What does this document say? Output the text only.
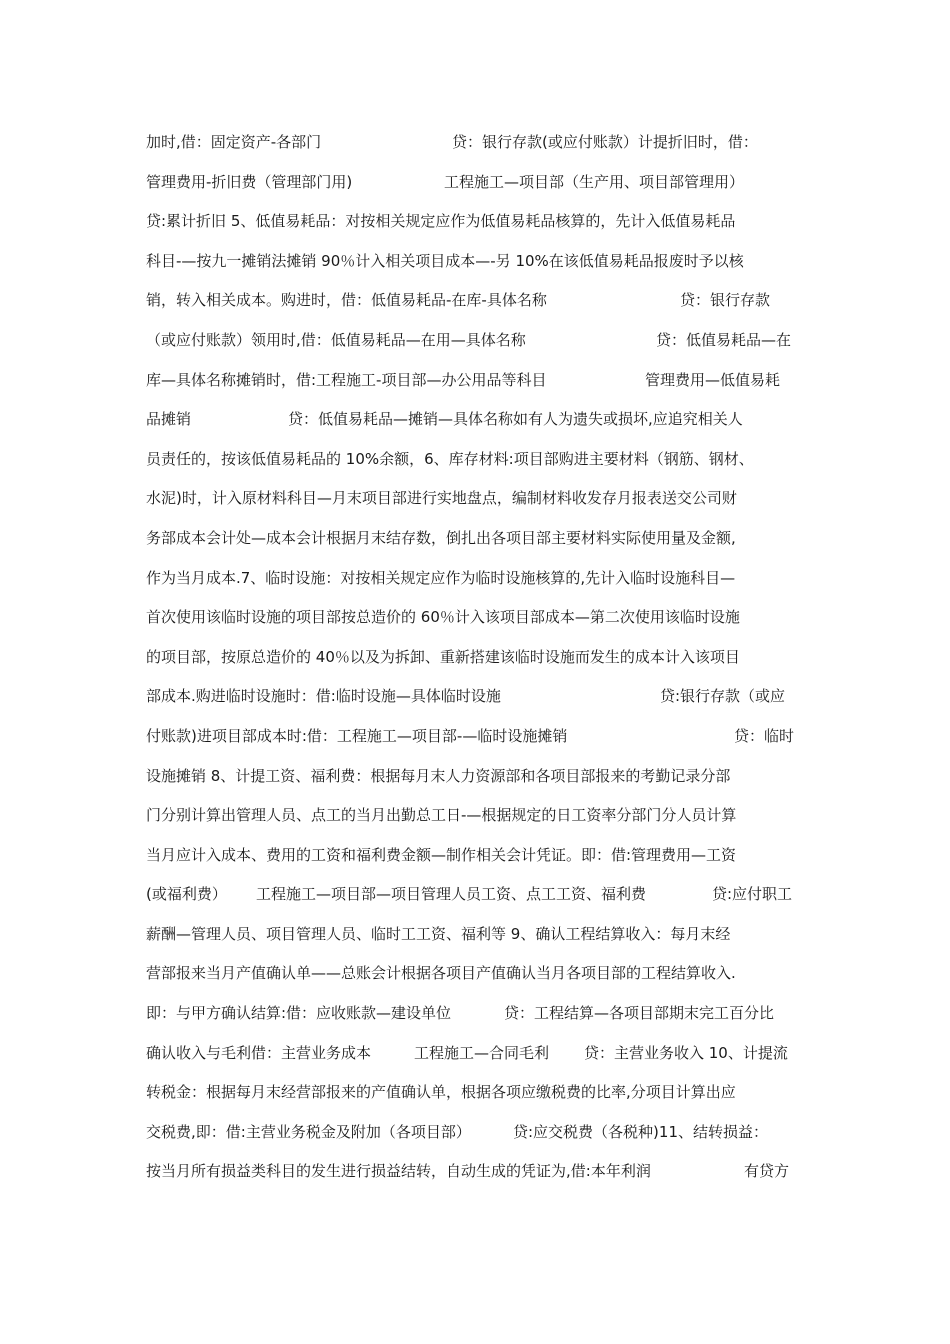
加时,借：固定资产-各部门

	贷：银行存款(或应付账款）计提折旧时，借：

管理费用-折旧费（管理部门用)

	工程施工—项目部（生产用、项目部管理用）

贷:累计折旧 5、低值易耗品：对按相关规定应作为低值易耗品核算的，先计入低值易耗品

科目-—按九一摊销法摊销 90％计入相关项目成本—-另 10%在该低值易耗品报废时予以核

销，转入相关成本。购进时，借：低值易耗品-在库-具体名称

	贷：银行存款

（或应付账款）领用时,借：低值易耗品—在用—具体名称

	贷：低值易耗品—在

库—具体名称摊销时，借:工程施工-项目部—办公用品等科目

	管理费用—低值易耗

品摊销

	贷：低值易耗品—摊销—具体名称如有人为遗失或损坏,应追究相关人

员责任的，按该低值易耗品的 10%余额，6、库存材料:项目部购进主要材料（钢筋、钢材、

水泥)时，计入原材料科目—月末项目部进行实地盘点，编制材料收发存月报表送交公司财

务部成本会计处—成本会计根据月末结存数，倒扎出各项目部主要材料实际使用量及金额,

作为当月成本.7、临时设施：对按相关规定应作为临时设施核算的,先计入临时设施科目—

首次使用该临时设施的项目部按总造价的 60％计入该项目部成本—第二次使用该临时设施

的项目部，按原总造价的 40％以及为拆卸、重新搭建该临时设施而发生的成本计入该项目

部成本.购进临时设施时：借:临时设施—具体临时设施

	贷:银行存款（或应

付账款)进项目部成本时:借：工程施工—项目部-—临时设施摊销

	贷：临时

设施摊销 8、计提工资、福利费：根据每月末人力资源部和各项目部报来的考勤记录分部

门分别计算出管理人员、点工的当月出勤总工日-—根据规定的日工资率分部门分人员计算

当月应计入成本、费用的工资和福利费金额—制作相关会计凭证。即：借:管理费用—工资

(或福利费）

工程施工—项目部—项目管理人员工资、点工工资、福利费

	贷:应付职工

薪酬—管理人员、项目管理人员、临时工工资、福利等 9、确认工程结算收入：每月末经

营部报来当月产值确认单——总账会计根据各项目产值确认当月各项目部的工程结算收入.

即：与甲方确认结算:借：应收账款—建设单位

	贷：工程结算—各项目部期末完工百分比

确认收入与毛利借：主营业务成本

	工程施工—合同毛利

贷：主营业务收入 10、计提流

转税金：根据每月末经营部报来的产值确认单，根据各项应缴税费的比率,分项目计算出应

交税费,即：借:主营业务税金及附加（各项目部）

	贷:应交税费（各税种)11、结转损益：

按当月所有损益类科目的发生进行损益结转，自动生成的凭证为,借:本年利润

	有贷方
